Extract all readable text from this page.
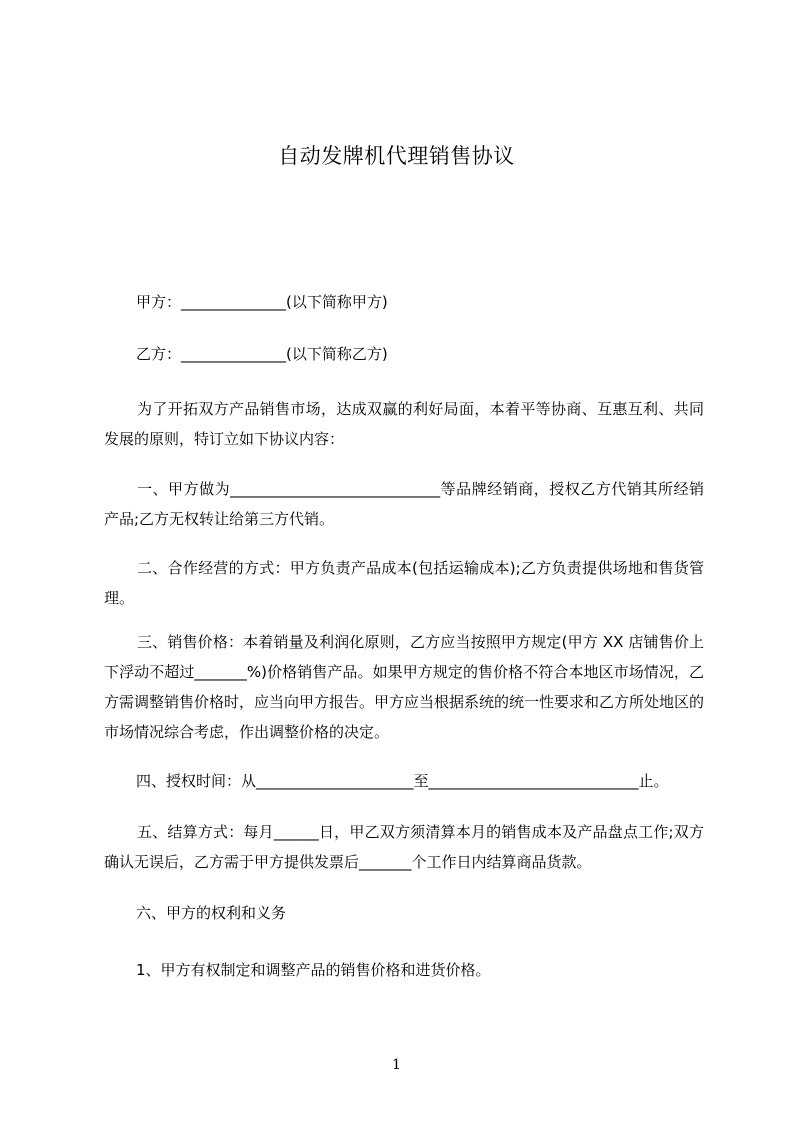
自动发牌机代理销售协议
甲方：______________(以下简称甲方)
乙方：______________(以下简称乙方)
为了开拓双方产品销售市场，达成双赢的利好局面，本着平等协商、互惠互利、共同发展的原则，特订立如下协议内容：
一、甲方做为____________________________等品牌经销商，授权乙方代销其所经销产品;乙方无权转让给第三方代销。
二、合作经营的方式：甲方负责产品成本(包括运输成本);乙方负责提供场地和售货管理。
三、销售价格：本着销量及利润化原则，乙方应当按照甲方规定(甲方 XX 店铺售价上下浮动不超过_______%)价格销售产品。如果甲方规定的售价格不符合本地区市场情况，乙方需调整销售价格时，应当向甲方报告。甲方应当根据系统的统一性要求和乙方所处地区的市场情况综合考虑，作出调整价格的决定。
四、授权时间：从_____________________至____________________________止。
五、结算方式：每月______日，甲乙双方须清算本月的销售成本及产品盘点工作;双方确认无误后，乙方需于甲方提供发票后_______个工作日内结算商品货款。
六、甲方的权利和义务
1、甲方有权制定和调整产品的销售价格和进货价格。
1
